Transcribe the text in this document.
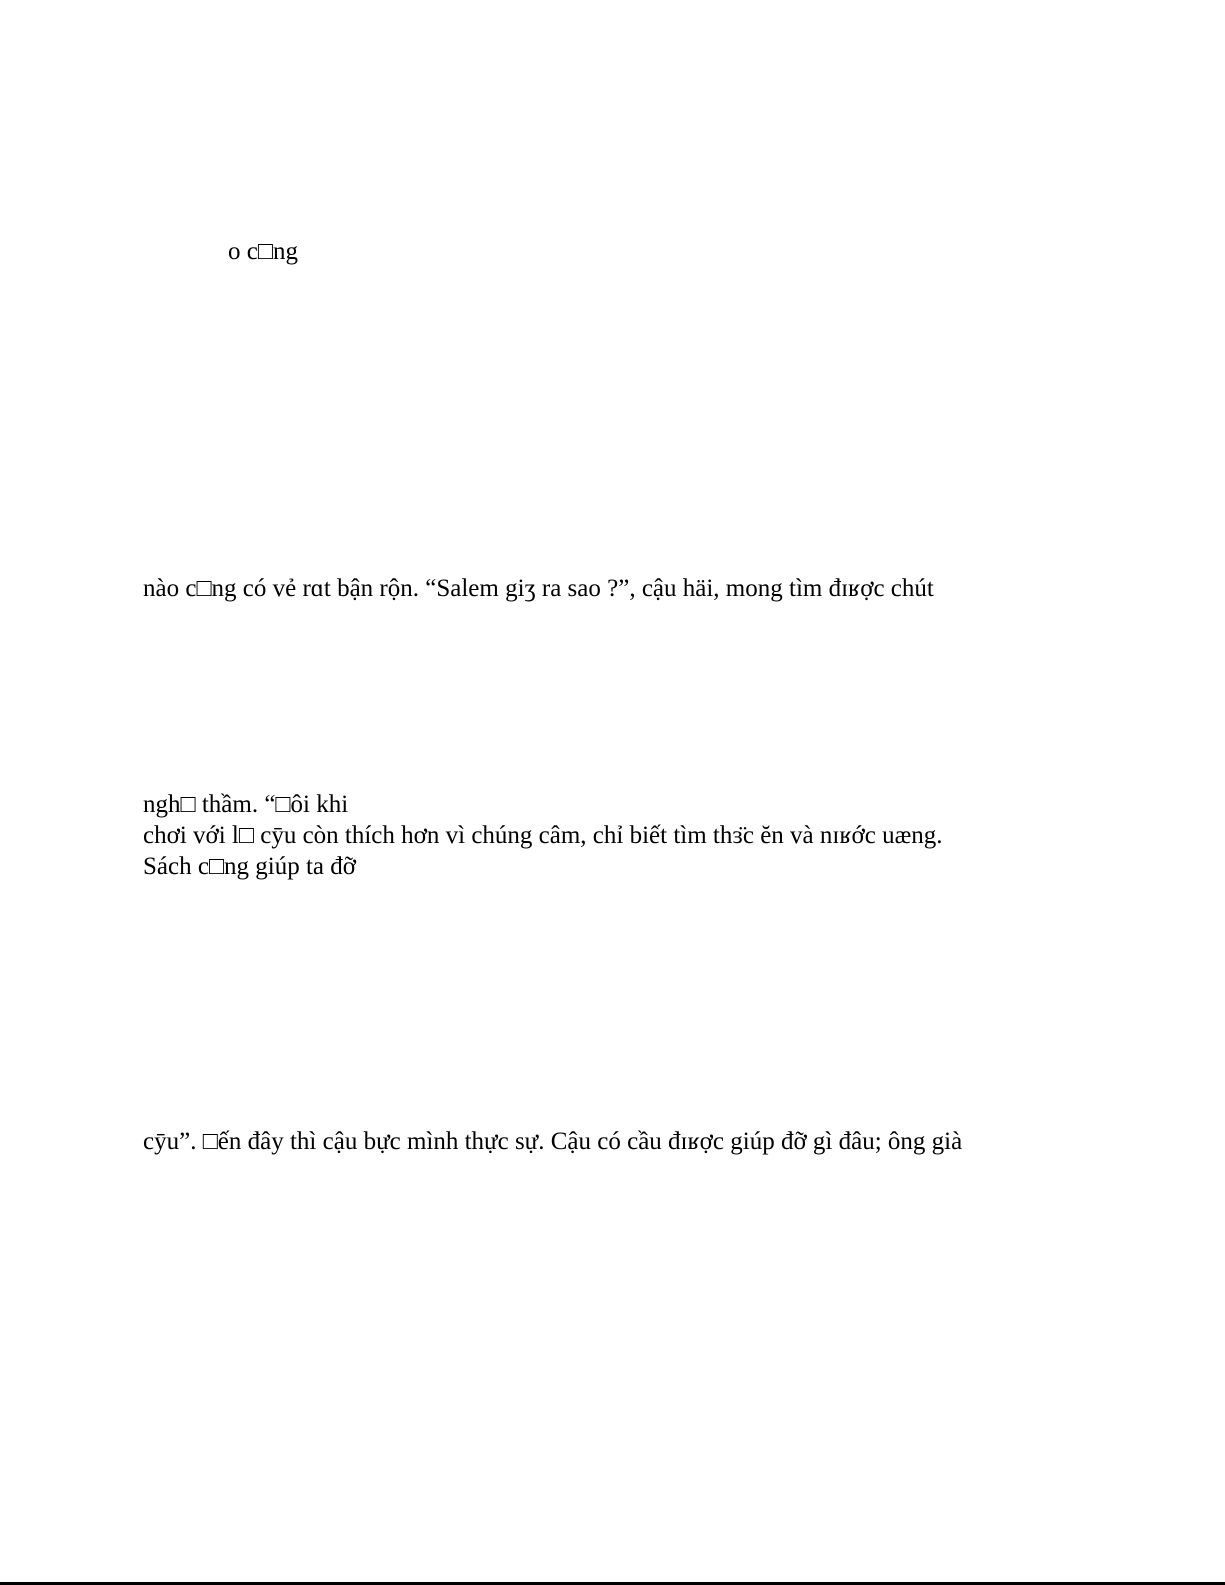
o c□ng

nào c□ng có vẻ rɑt bận rộn. “Salem giʒ ra sao ?”, cậu häi, mong tìm đɪʁợc chút

ngh□ thầm. “□ôi khi

chơi với l□ cȳu còn thích hơn vì chúng câm, chỉ biết tìm thɜ̈c ĕn và nɪʁớc uæng.

Sách c□ng giúp ta đỡ

cȳu”. □ến đây thì cậu bực mình thực sự. Cậu có cầu đɪʁợc giúp đỡ gì đâu; ông già
